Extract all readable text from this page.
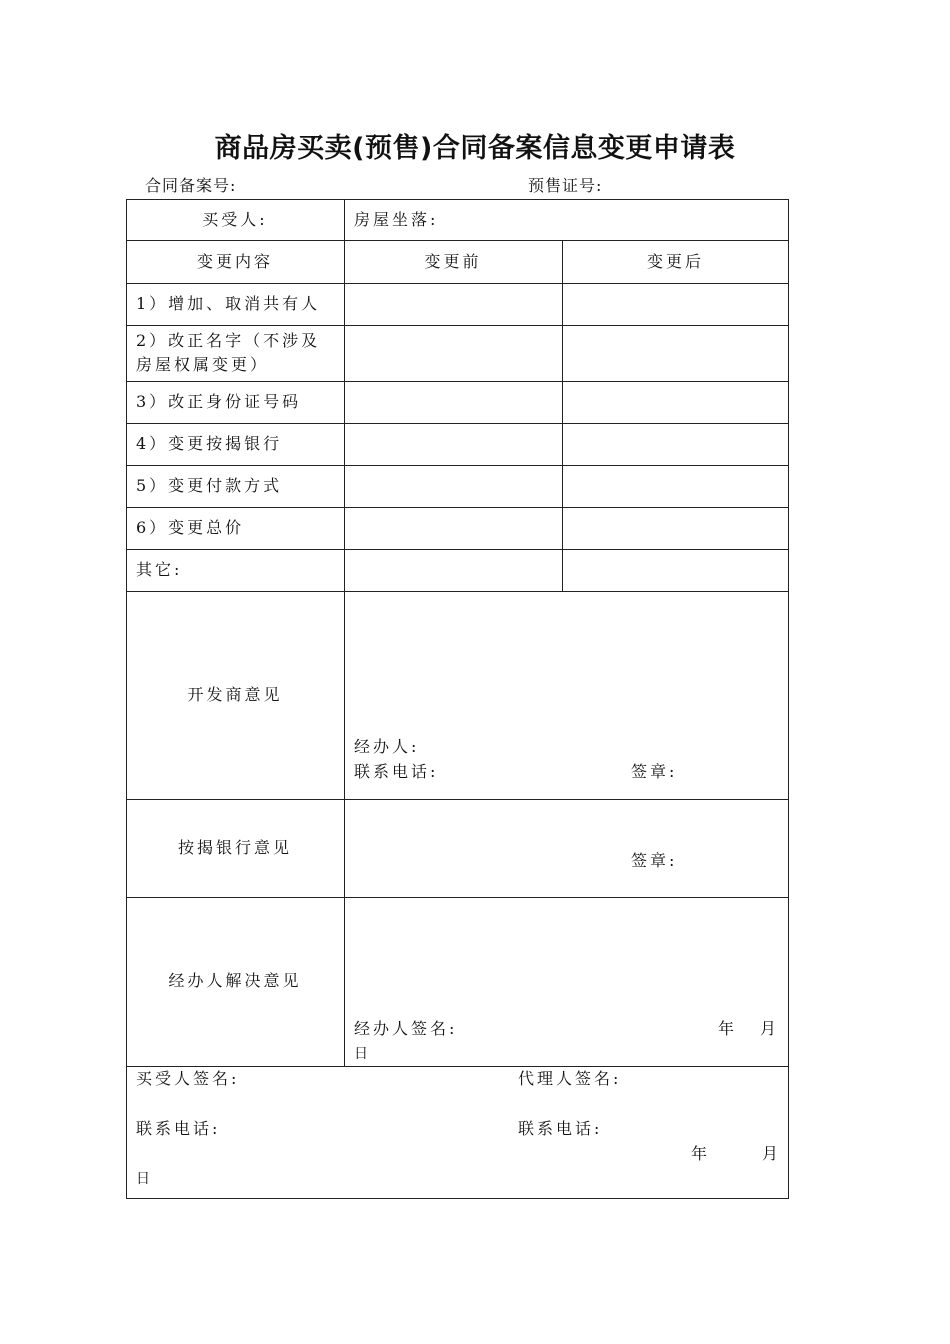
商品房买卖(预售)合同备案信息变更申请表
合同备案号:	预售证号:
买受人:	房屋坐落:
变更内容	变更前	变更后
1）增加、取消共有人
2）改正名字（不涉及
房屋权属变更）
3）改正身份证号码
4）变更按揭银行
5）变更付款方式
6）变更总价
其它:
开发商意见
经办人:
联系电话:	签章:
按揭银行意见
签章:
经办人解决意见
经办人签名:	年 月
日
买受人签名:	代理人签名:
联系电话:	联系电话:
年	月
日
